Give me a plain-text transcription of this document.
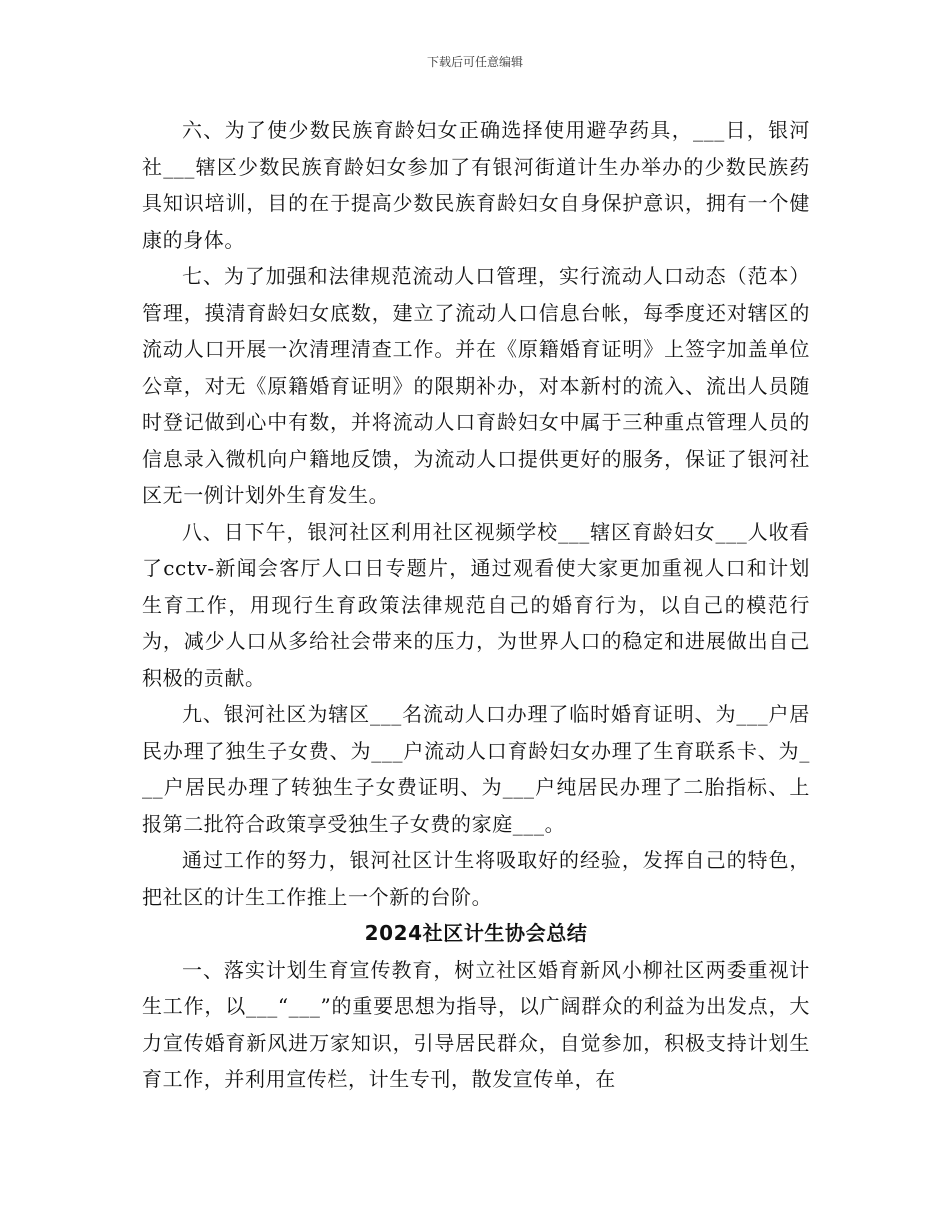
下载后可任意编辑

六、为了使少数民族育龄妇女正确选择使用避孕药具，___日，银河社___辖区少数民族育龄妇女参加了有银河街道计生办举办的少数民族药具知识培训，目的在于提高少数民族育龄妇女自身保护意识，拥有一个健康的身体。

七、为了加强和法律规范流动人口管理，实行流动人口动态（范本）管理，摸清育龄妇女底数，建立了流动人口信息台帐，每季度还对辖区的流动人口开展一次清理清查工作。并在《原籍婚育证明》上签字加盖单位公章，对无《原籍婚育证明》的限期补办，对本新村的流入、流出人员随时登记做到心中有数，并将流动人口育龄妇女中属于三种重点管理人员的信息录入微机向户籍地反馈，为流动人口提供更好的服务，保证了银河社区无一例计划外生育发生。

八、日下午，银河社区利用社区视频学校___辖区育龄妇女___人收看了cctv-新闻会客厅人口日专题片，通过观看使大家更加重视人口和计划生育工作，用现行生育政策法律规范自己的婚育行为，以自己的模范行为，减少人口从多给社会带来的压力，为世界人口的稳定和进展做出自己积极的贡献。

九、银河社区为辖区___名流动人口办理了临时婚育证明、为___户居民办理了独生子女费、为___户流动人口育龄妇女办理了生育联系卡、为___户居民办理了转独生子女费证明、为___户纯居民办理了二胎指标、上报第二批符合政策享受独生子女费的家庭___。

通过工作的努力，银河社区计生将吸取好的经验，发挥自己的特色，把社区的计生工作推上一个新的台阶。

2024社区计生协会总结

一、落实计划生育宣传教育，树立社区婚育新风小柳社区两委重视计生工作，以___“___”的重要思想为指导，以广阔群众的利益为出发点，大力宣传婚育新风进万家知识，引导居民群众，自觉参加，积极支持计划生育工作，并利用宣传栏，计生专刊，散发宣传单，在
